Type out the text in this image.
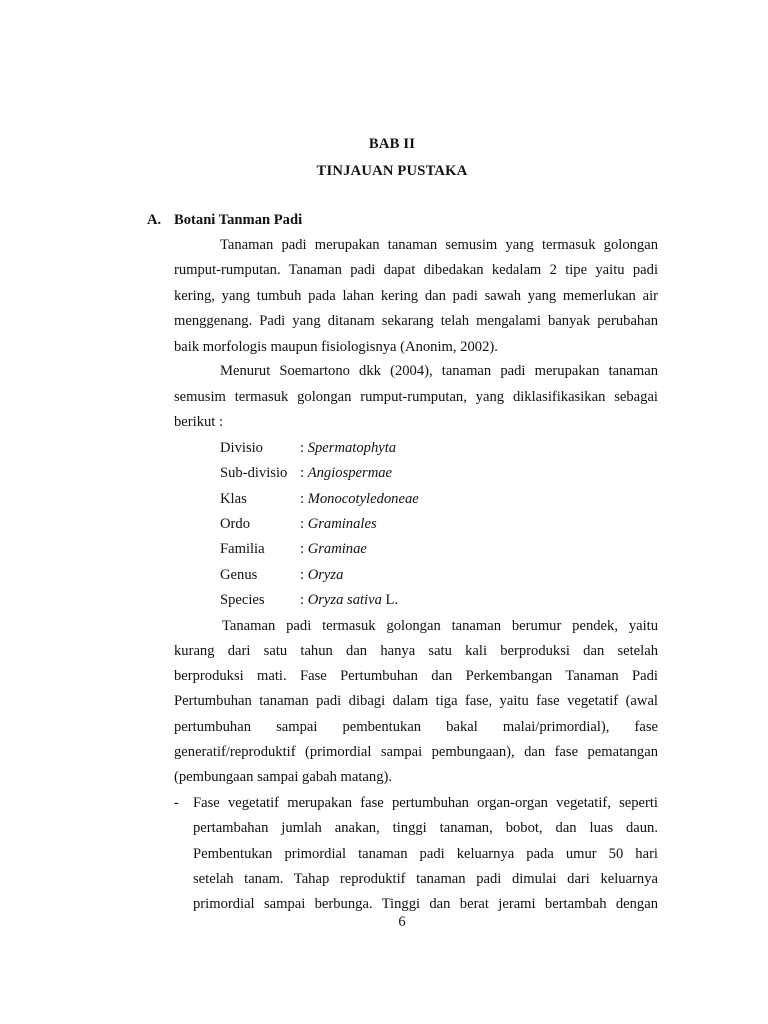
BAB II
TINJAUAN PUSTAKA
A. Botani Tanman Padi
Tanaman padi merupakan tanaman semusim yang termasuk golongan
rumput-rumputan. Tanaman padi dapat dibedakan kedalam 2 tipe yaitu padi
kering, yang tumbuh pada lahan kering dan padi sawah yang memerlukan air
menggenang. Padi yang ditanam sekarang telah mengalami banyak perubahan
baik morfologis maupun fisiologisnya (Anonim, 2002).
Menurut Soemartono dkk (2004), tanaman padi merupakan tanaman
semusim termasuk golongan rumput-rumputan, yang diklasifikasikan sebagai
berikut :
Divisio	: Spermatophyta
Sub-divisio : Angiospermae
Klas	: Monocotyledoneae
Ordo	: Graminales
Familia : Graminae
Genus	: Oryza
Species : Oryza sativa L.
Tanaman padi termasuk golongan tanaman berumur pendek, yaitu
kurang dari satu tahun dan hanya satu kali berproduksi dan setelah
berproduksi mati. Fase Pertumbuhan dan Perkembangan Tanaman Padi
Pertumbuhan tanaman padi dibagi dalam tiga fase, yaitu fase vegetatif (awal
pertumbuhan sampai pembentukan bakal malai/primordial), fase
generatif/reproduktif (primordial sampai pembungaan), dan fase pematangan
(pembungaan sampai gabah matang).
- Fase vegetatif merupakan fase pertumbuhan organ-organ vegetatif, seperti
pertambahan jumlah anakan, tinggi tanaman, bobot, dan luas daun.
Pembentukan primordial tanaman padi keluarnya pada umur 50 hari
setelah tanam. Tahap reproduktif tanaman padi dimulai dari keluarnya
primordial sampai berbunga. Tinggi dan berat jerami bertambah dengan
6
